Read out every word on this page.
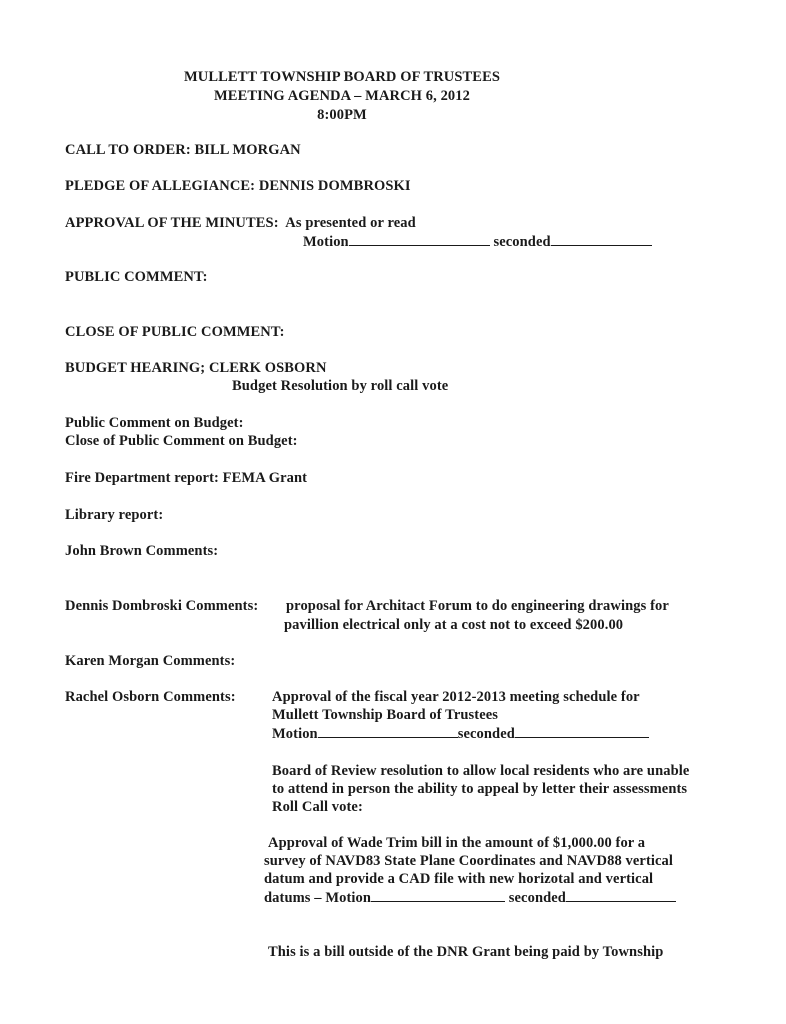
MULLETT TOWNSHIP BOARD OF TRUSTEES
MEETING AGENDA – MARCH 6, 2012
8:00PM
CALL TO ORDER: BILL MORGAN
PLEDGE OF ALLEGIANCE: DENNIS DOMBROSKI
APPROVAL OF THE MINUTES: As presented or read
Motion	seconded
PUBLIC COMMENT:
CLOSE OF PUBLIC COMMENT:
BUDGET HEARING; CLERK OSBORN
Budget Resolution by roll call vote
Public Comment on Budget:
Close of Public Comment on Budget:
Fire Department report: FEMA Grant
Library report:
John Brown Comments:
Dennis Dombroski Comments: proposal for Architact Forum to do engineering drawings for
pavillion electrical only at a cost not to exceed $200.00
Karen Morgan Comments:
Rachel Osborn Comments:	Approval of the fiscal year 2012-2013 meeting schedule for
Mullett Township Board of Trustees
Motion	seconded
Board of Review resolution to allow local residents who are unable
to attend in person the ability to appeal by letter their assessments
Roll Call vote:
Approval of Wade Trim bill in the amount of $1,000.00 for a
survey of NAVD83 State Plane Coordinates and NAVD88 vertical
datum and provide a CAD file with new horizotal and vertical
datums – Motion	seconded
This is a bill outside of the DNR Grant being paid by Township
